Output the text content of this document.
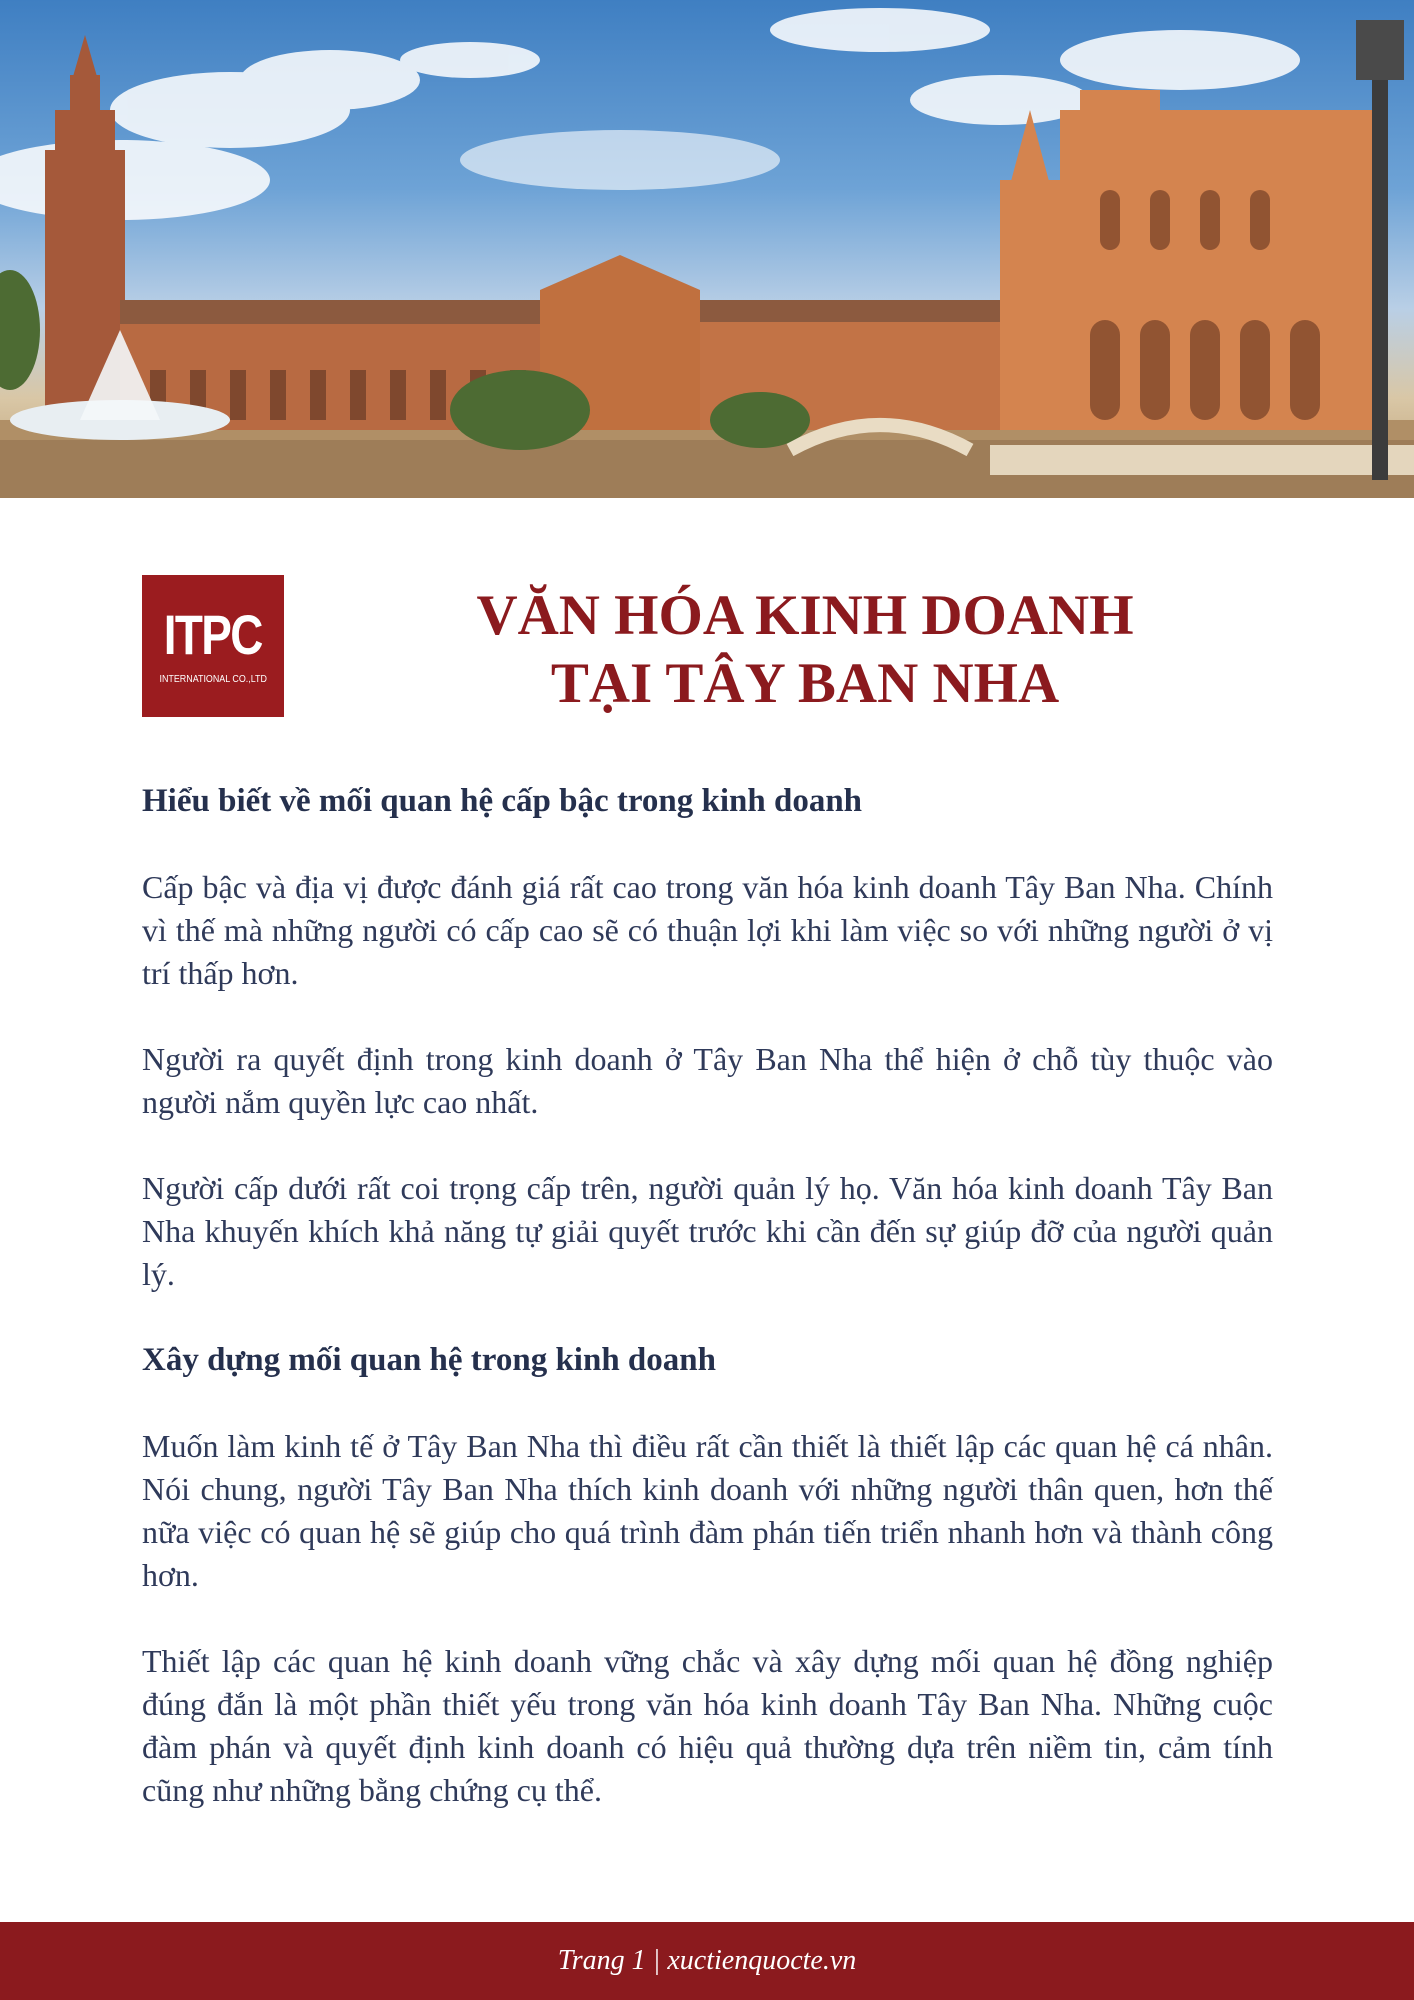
ITPC
INTERNATIONAL CO.,LTD
VĂN HÓA KINH DOANH
TẠI TÂY BAN NHA
Hiểu biết về mối quan hệ cấp bậc trong kinh doanh

Cấp bậc và địa vị được đánh giá rất cao trong văn hóa kinh doanh Tây Ban Nha. Chính vì thế mà những người có cấp cao sẽ có thuận lợi khi làm việc so với những người ở vị trí thấp hơn.

Người ra quyết định trong kinh doanh ở Tây Ban Nha thể hiện ở chỗ tùy thuộc vào người nắm quyền lực cao nhất.

Người cấp dưới rất coi trọng cấp trên, người quản lý họ. Văn hóa kinh doanh Tây Ban Nha khuyến khích khả năng tự giải quyết trước khi cần đến sự giúp đỡ của người quản lý.

Xây dựng mối quan hệ trong kinh doanh

Muốn làm kinh tế ở Tây Ban Nha thì điều rất cần thiết là thiết lập các quan hệ cá nhân. Nói chung, người Tây Ban Nha thích kinh doanh với những người thân quen, hơn thế nữa việc có quan hệ sẽ giúp cho quá trình đàm phán tiến triển nhanh hơn và thành công hơn.

Thiết lập các quan hệ kinh doanh vững chắc và xây dựng mối quan hệ đồng nghiệp đúng đắn là một phần thiết yếu trong văn hóa kinh doanh Tây Ban Nha. Những cuộc đàm phán và quyết định kinh doanh có hiệu quả thường dựa trên niềm tin, cảm tính cũng như những bằng chứng cụ thể.

Trang 1 | xuctienquocte.vn
